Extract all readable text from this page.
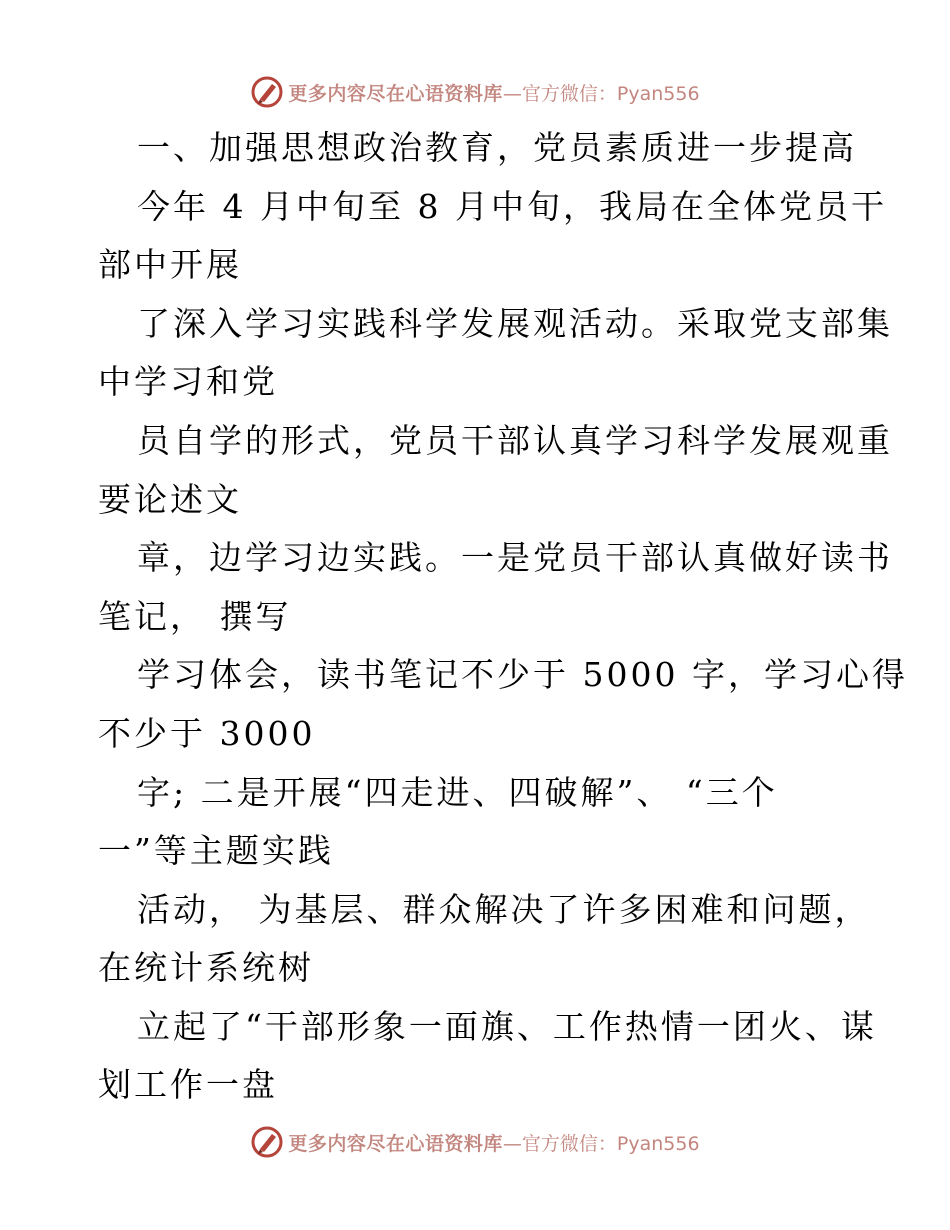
更多内容尽在心语资料库 —官方微信：Pyan556
一、加强思想政治教育，党员素质进一步提高
今年 4 月中旬至 8 月中旬，我局在全体党员干
部中开展
了深入学习实践科学发展观活动。采取党支部集
中学习和党
员自学的形式，党员干部认真学习科学发展观重
要论述文
章，边学习边实践。一是党员干部认真做好读书
笔记， 撰写
学习体会，读书笔记不少于 5000 字，学习心得
不少于 3000
字; 二是开展“四走进、四破解”、 “三个
一”等主题实践
活动， 为基层、群众解决了许多困难和问题，
在统计系统树
立起了“干部形象一面旗、工作热情一团火、谋
划工作一盘
更多内容尽在心语资料库 —官方微信：Pyan556
